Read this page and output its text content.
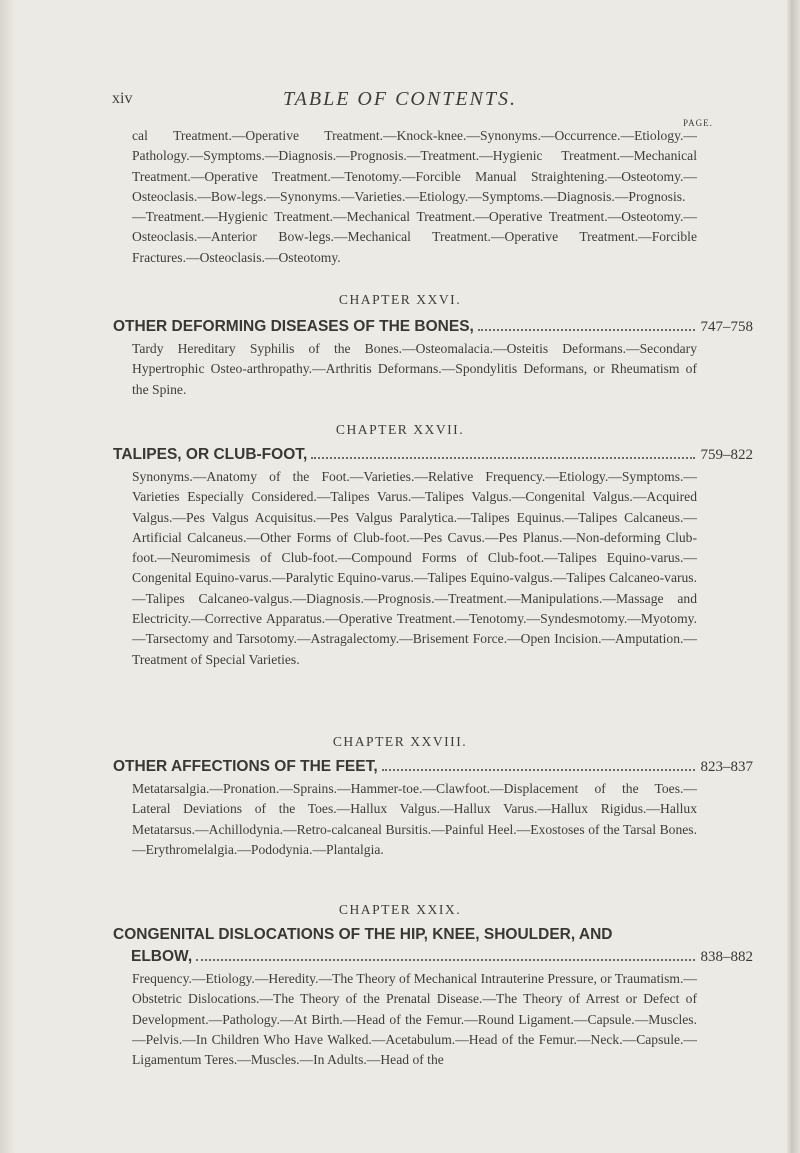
xiv	TABLE OF CONTENTS.
PAGE.
cal Treatment.—Operative Treatment.—Knock-knee.—Synonyms.—Occurrence.—Etiology.—Pathology.—Symptoms.—Diagnosis.—Prognosis.—Treatment.—Hygienic Treatment.—Mechanical Treatment.—Operative Treatment.—Tenotomy.—Forcible Manual Straightening.—Osteotomy.—Osteoclasis.—Bow-legs.—Synonyms.—Varieties.—Etiology.—Symptoms.—Diagnosis.—Prognosis.—Treatment.—Hygienic Treatment.—Mechanical Treatment.—Operative Treatment.—Osteotomy.—Osteoclasis.—Anterior Bow-legs.—Mechanical Treatment.—Operative Treatment.—Forcible Fractures.—Osteoclasis.—Osteotomy.
CHAPTER XXVI.
OTHER DEFORMING DISEASES OF THE BONES,	747–758
Tardy Hereditary Syphilis of the Bones.—Osteomalacia.—Osteitis Deformans.—Secondary Hypertrophic Osteo-arthropathy.—Arthritis Deformans.—Spondylitis Deformans, or Rheumatism of the Spine.
CHAPTER XXVII.
TALIPES, OR CLUB-FOOT,	759–822
Synonyms.—Anatomy of the Foot.—Varieties.—Relative Frequency.—Etiology.—Symptoms.—Varieties Especially Considered.—Talipes Varus.—Talipes Valgus.—Congenital Valgus.—Acquired Valgus.—Pes Valgus Acquisitus.—Pes Valgus Paralytica.—Talipes Equinus.—Talipes Calcaneus.—Artificial Calcaneus.—Other Forms of Club-foot.—Pes Cavus.—Pes Planus.—Non-deforming Club-foot.—Neuromimesis of Club-foot.—Compound Forms of Club-foot.—Talipes Equino-varus.—Congenital Equino-varus.—Paralytic Equino-varus.—Talipes Equino-valgus.—Talipes Calcaneo-varus.—Talipes Calcaneo-valgus.—Diagnosis.—Prognosis.—Treatment.—Manipulations.—Massage and Electricity.—Corrective Apparatus.—Operative Treatment.—Tenotomy.—Syndesmotomy.—Myotomy.—Tarsectomy and Tarsotomy.—Astragalectomy.—Brisement Force.—Open Incision.—Amputation.—Treatment of Special Varieties.
CHAPTER XXVIII.
OTHER AFFECTIONS OF THE FEET,	823–837
Metatarsalgia.—Pronation.—Sprains.—Hammer-toe.—Clawfoot.—Displacement of the Toes.—Lateral Deviations of the Toes.—Hallux Valgus.—Hallux Varus.—Hallux Rigidus.—Hallux Metatarsus.—Achillodynia.—Retro-calcaneal Bursitis.—Painful Heel.—Exostoses of the Tarsal Bones.—Erythromelalgia.—Pododynia.—Plantalgia.
CHAPTER XXIX.
CONGENITAL DISLOCATIONS OF THE HIP, KNEE, SHOULDER, AND
ELBOW,	838–882
Frequency.—Etiology.—Heredity.—The Theory of Mechanical Intrauterine Pressure, or Traumatism.—Obstetric Dislocations.—The Theory of the Prenatal Disease.—The Theory of Arrest or Defect of Development.—Pathology.—At Birth.—Head of the Femur.—Round Ligament.—Capsule.—Muscles.—Pelvis.—In Children Who Have Walked.—Acetabulum.—Head of the Femur.—Neck.—Capsule.—Ligamentum Teres.—Muscles.—In Adults.—Head of the
